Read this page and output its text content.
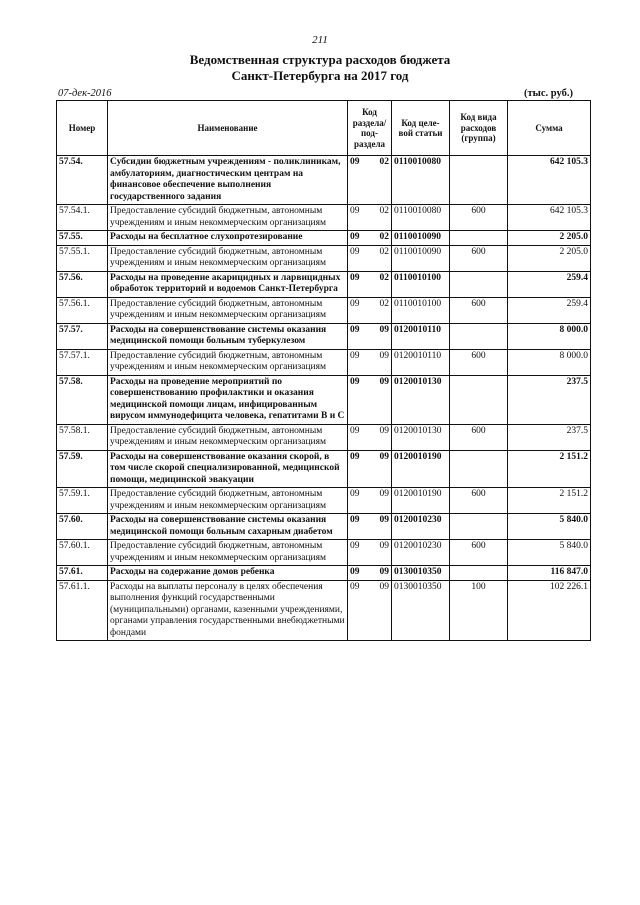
211
Ведомственная структура расходов бюджета
Санкт-Петербурга на 2017 год
07-дек-2016	(тыс. руб.)
Номер	Наименование	Код раздела/ под- раздела	Код целе- вой статьи	Код вида расходов (группа)	Сумма
57.54.	Субсидии бюджетным учреждениям - поликлиникам, амбулаториям, диагностическим центрам на финансовое обеспечение выполнения государственного задания	09 02	0110010080		642 105.3
57.54.1.	Предоставление субсидий бюджетным, автономным учреждениям и иным некоммерческим организациям	09 02	0110010080	600	642 105.3
57.55.	Расходы на бесплатное слухопротезирование	09 02	0110010090		2 205.0
57.55.1.	Предоставление субсидий бюджетным, автономным учреждениям и иным некоммерческим организациям	09 02	0110010090	600	2 205.0
57.56.	Расходы на проведение акарицидных и ларвицидных обработок территорий и водоемов Санкт-Петербурга	09 02	0110010100		259.4
57.56.1.	Предоставление субсидий бюджетным, автономным учреждениям и иным некоммерческим организациям	09 02	0110010100	600	259.4
57.57.	Расходы на совершенствование системы оказания медицинской помощи больным туберкулезом	09 09	0120010110		8 000.0
57.57.1.	Предоставление субсидий бюджетным, автономным учреждениям и иным некоммерческим организациям	09 09	0120010110	600	8 000.0
57.58.	Расходы на проведение мероприятий по совершенствованию профилактики и оказания медицинской помощи лицам, инфицированным вирусом иммунодефицита человека, гепатитами В и С	09 09	0120010130		237.5
57.58.1.	Предоставление субсидий бюджетным, автономным учреждениям и иным некоммерческим организациям	09 09	0120010130	600	237.5
57.59.	Расходы на совершенствование оказания скорой, в том числе скорой специализированной, медицинской помощи, медицинской эвакуации	09 09	0120010190		2 151.2
57.59.1.	Предоставление субсидий бюджетным, автономным учреждениям и иным некоммерческим организациям	09 09	0120010190	600	2 151.2
57.60.	Расходы на совершенствование системы оказания медицинской помощи больным сахарным диабетом	09 09	0120010230		5 840.0
57.60.1.	Предоставление субсидий бюджетным, автономным учреждениям и иным некоммерческим организациям	09 09	0120010230	600	5 840.0
57.61.	Расходы на содержание домов ребенка	09 09	0130010350		116 847.0
57.61.1.	Расходы на выплаты персоналу в целях обеспечения выполнения функций государственными (муниципальными) органами, казенными учреждениями, органами управления государственными внебюджетными фондами	09 09	0130010350	100	102 226.1
